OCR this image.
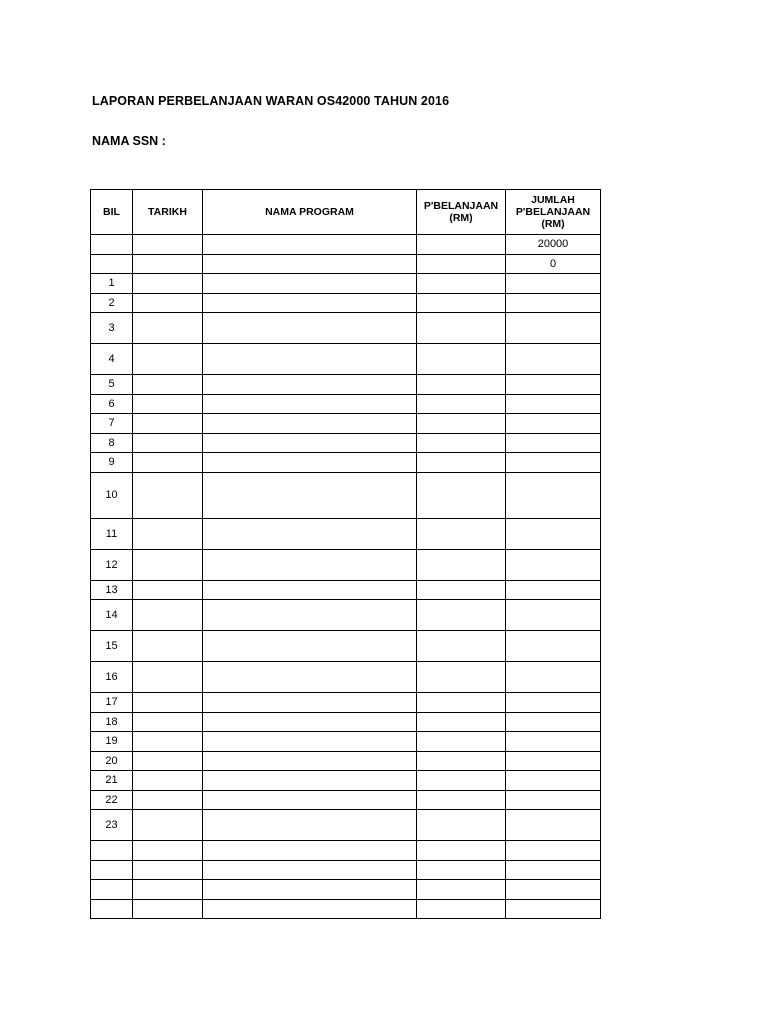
LAPORAN PERBELANJAAN WARAN OS42000 TAHUN 2016
NAMA SSN :
BIL	TARIKH	NAMA PROGRAM	P'BELANJAAN (RM)	JUMLAH P'BELANJAAN (RM)
				20000
				0
1				
2				
3				
4				
5				
6				
7				
8				
9				
10				
11				
12				
13				
14				
15				
16				
17				
18				
19				
20				
21				
22				
23				
